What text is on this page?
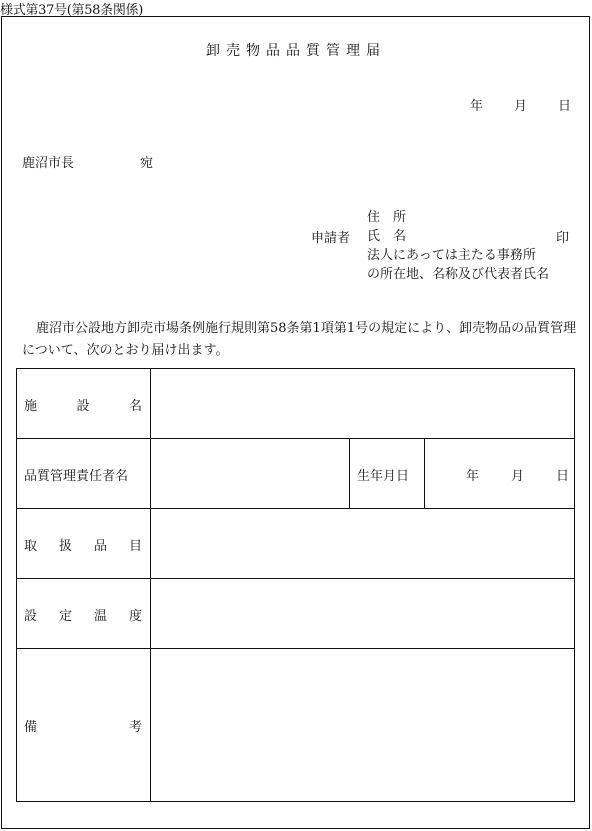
様式第37号(第58条関係)
卸売物品品質管理届
年 月 日
鹿沼市長	宛
住　所
申請者 氏　名	印
法人にあっては主たる事務所
の所在地、名称及び代表者氏名
鹿沼市公設地方卸売市場条例施行規則第58条第1項第1号の規定により、卸売物品の品質管理について、次のとおり届け出ます。
施	設	名
品質管理責任者名	生年月日	年 月 日
取 扱 品 目
設 定 温 度
備	考
